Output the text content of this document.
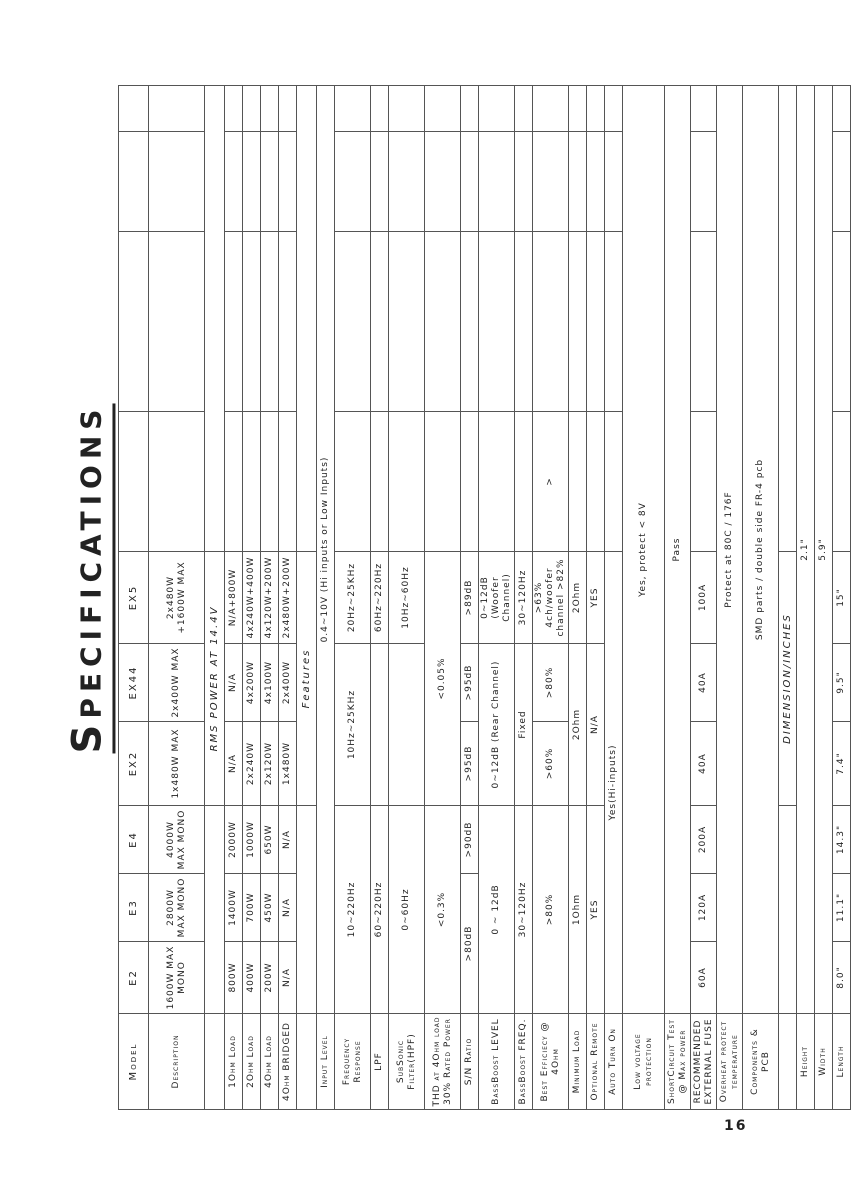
Specifications
Model	E2	E3	E4	EX2	EX44	EX5				
Description	1600W MAX MONO	2800W MAX MONO	4000W MAX MONO	1x480W MAX	2x400W MAX	2x480W +1600W MAX				
				RMS POWER AT 14.4V						
1Ohm Load	800W	1400W	2000W	N/A	N/A	N/A+800W				
2Ohm Load	400W	700W	1000W	2x240W	4x200W	4x240W+400W				
4Ohm Load	200W	450W	650W	2x120W	4x100W	4x120W+200W				
4Ohm BRIDGED	N/A	N/A	N/A	1x480W	2x400W	2x480W+200W				
				Features						
Input Level	0.4~10V (Hi inputs or Low Inputs)									
Frequency Response	10~220Hz			10Hz~25KHz		20Hz~25KHz				
LPF	60~220Hz					60Hz~220Hz				
SubSonic Filter(HPF)	0~60Hz					10Hz~60Hz				
THD at 4Ohm load 30% Rated Power	<0.3%			<0.05%						
S/N Ratio	>80dB		>90dB	>95dB	>95dB	>89dB				
BassBoost LEVEL	0 ~ 12dB			0~12dB (Rear Channel)		0~12dB (Woofer Channel)				
BassBoost FREQ.	30~120Hz			Fixed		30~120Hz				
Best Efficiecy @ 4Ohm	>80%			>60%	>80%	>63% 4ch/woofer channel >82%	>			
Minimum Load	1Ohm			2Ohm		2Ohm				
Optional Remote	YES			N/A		YES				
Auto Turn On	Yes(Hi-inputs)									
Low voltage protection	Yes, protect < 8V									
ShortCircuit Test @ Max power	Pass									
RECOMMENDED EXTERNAL FUSE	60A	120A	200A	40A	40A	100A				
Overheat protect temperature	Protect at 80C / 176F									
Components & PCB	SMD parts / double side FR-4 pcb									
				DIMENSION/INCHES						
Height	2.1"									
Width	5.9"									
Length	8.0"	11.1"	14.3"	7.4"	9.5"	15"				
16
